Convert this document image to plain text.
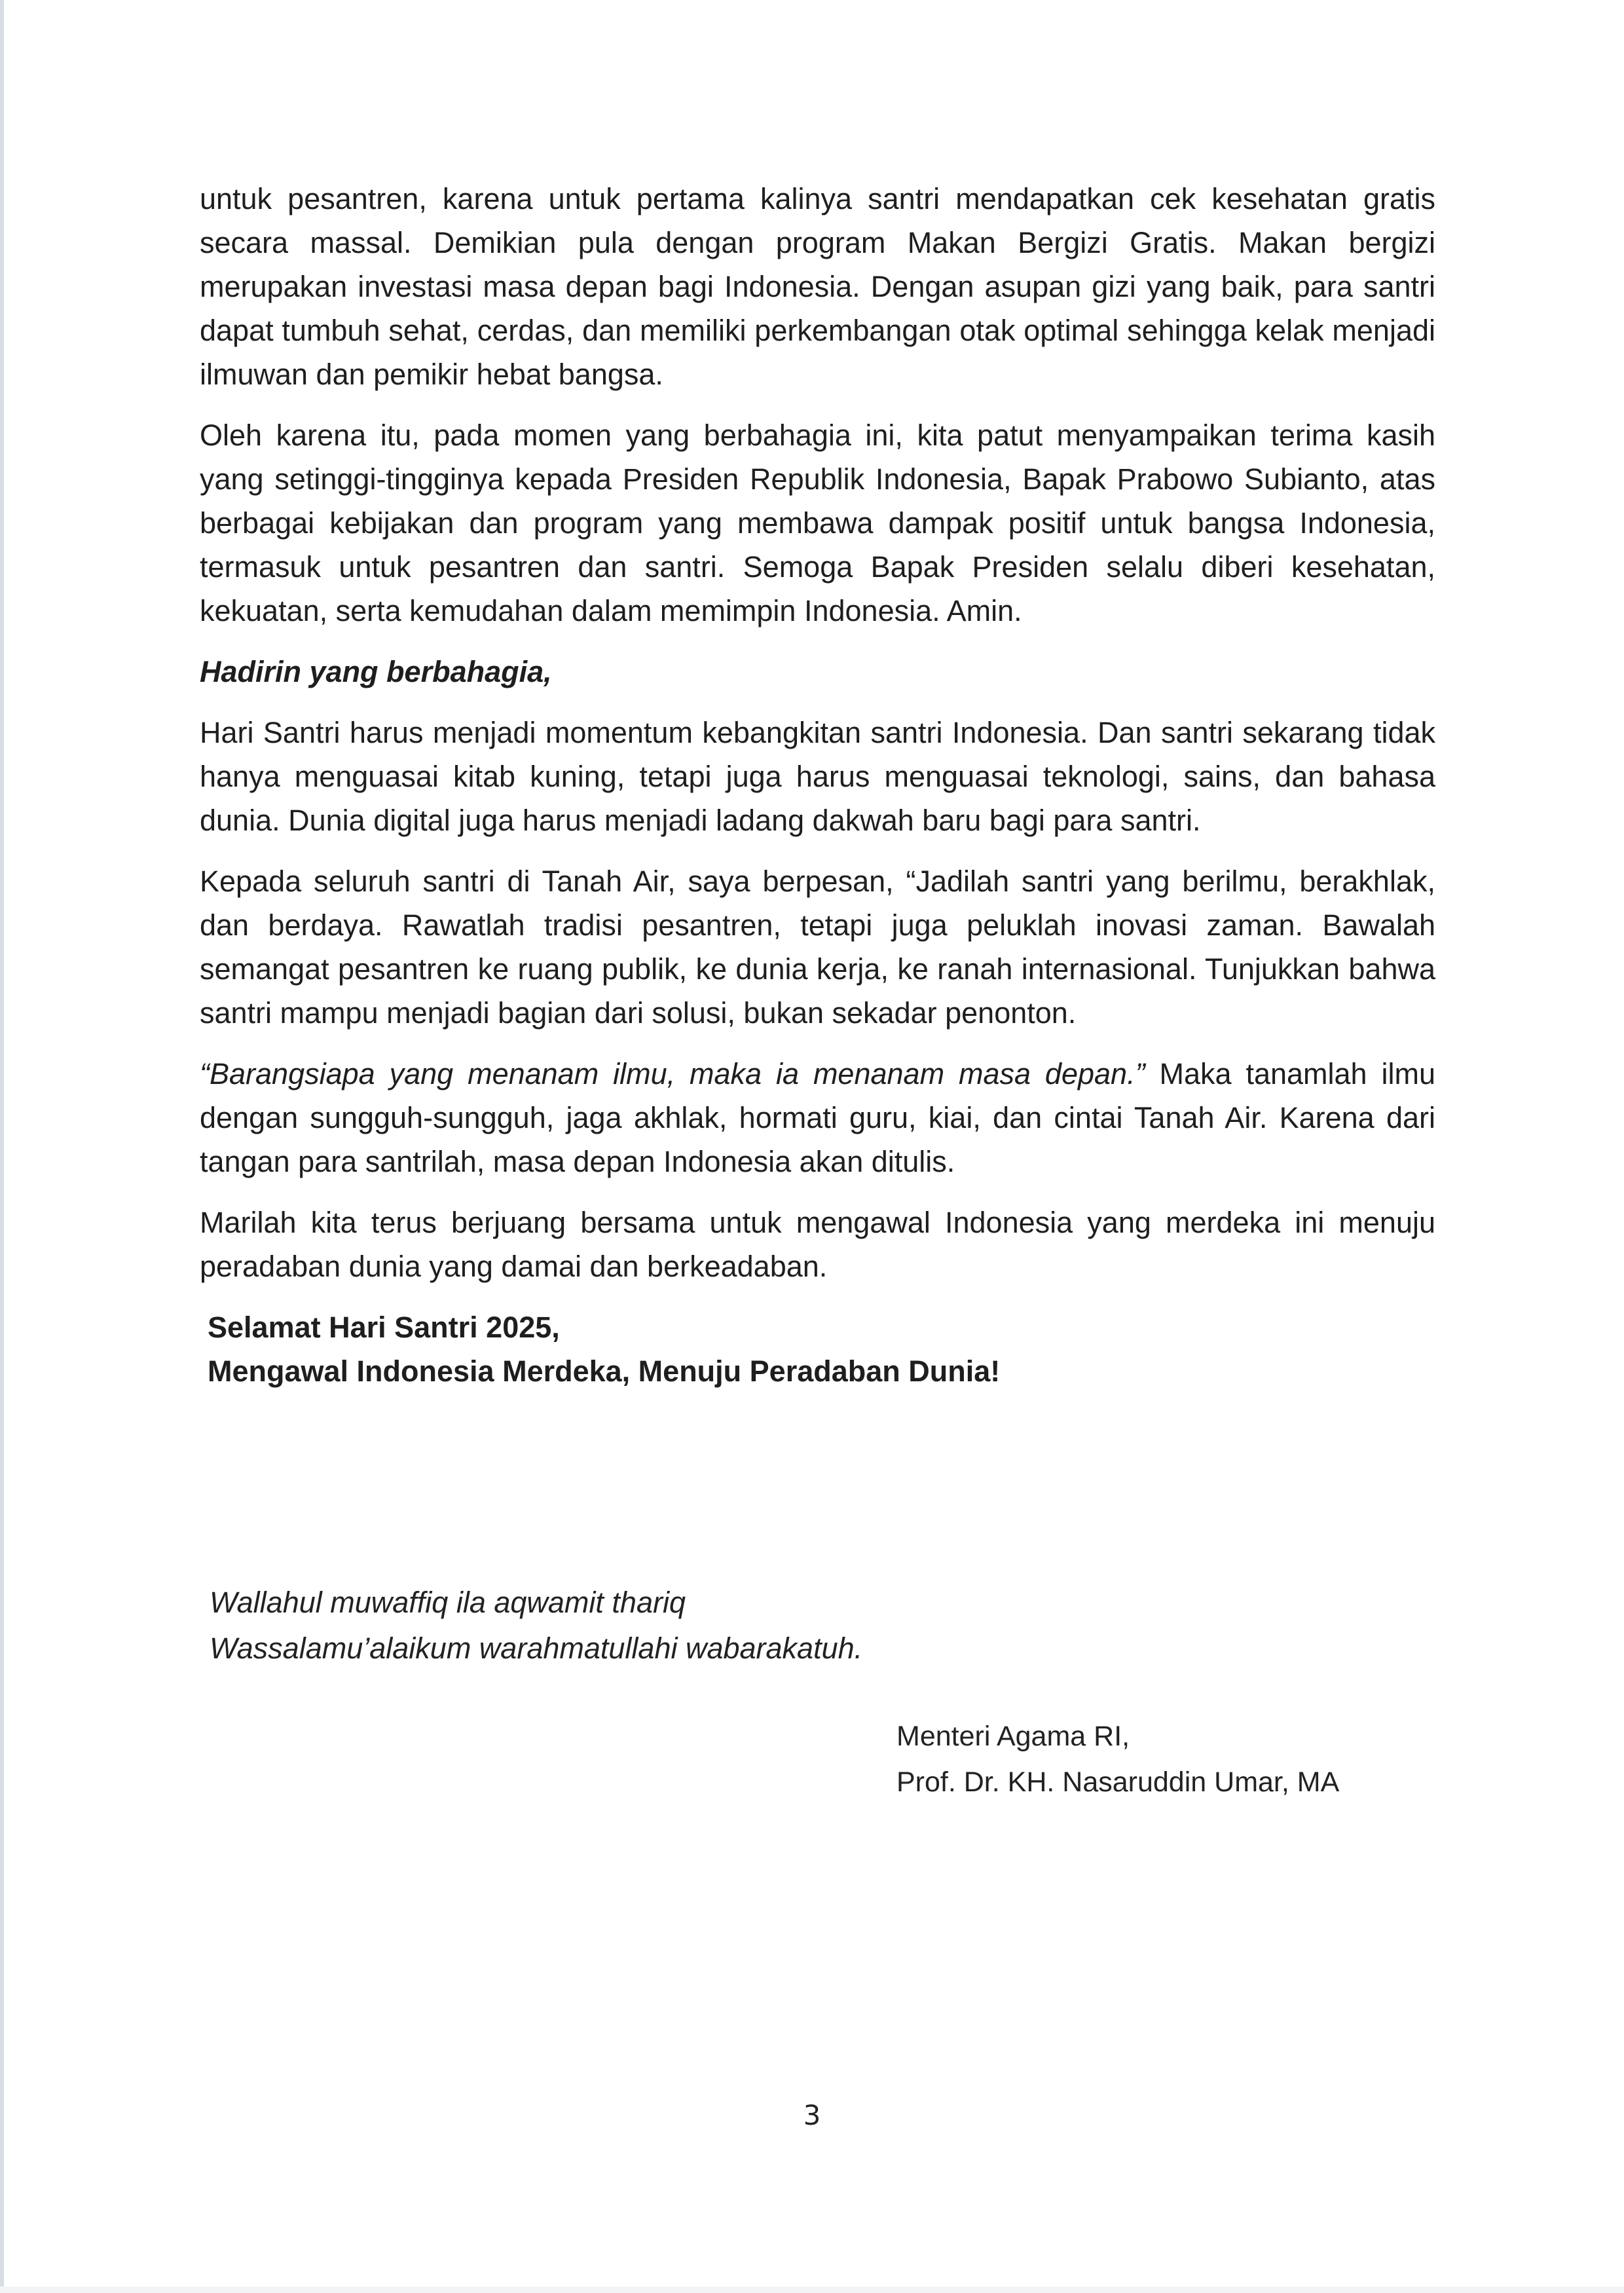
untuk pesantren, karena untuk pertama kalinya santri mendapatkan cek kesehatan gratis secara massal. Demikian pula dengan program Makan Bergizi Gratis. Makan bergizi merupakan investasi masa depan bagi Indonesia. Dengan asupan gizi yang baik, para santri dapat tumbuh sehat, cerdas, dan memiliki perkembangan otak optimal sehingga kelak menjadi ilmuwan dan pemikir hebat bangsa.

Oleh karena itu, pada momen yang berbahagia ini, kita patut menyampaikan terima kasih yang setinggi-tingginya kepada Presiden Republik Indonesia, Bapak Prabowo Subianto, atas berbagai kebijakan dan program yang membawa dampak positif untuk bangsa Indonesia, termasuk untuk pesantren dan santri. Semoga Bapak Presiden selalu diberi kesehatan, kekuatan, serta kemudahan dalam memimpin Indonesia. Amin.

Hadirin yang berbahagia,

Hari Santri harus menjadi momentum kebangkitan santri Indonesia. Dan santri sekarang tidak hanya menguasai kitab kuning, tetapi juga harus menguasai teknologi, sains, dan bahasa dunia. Dunia digital juga harus menjadi ladang dakwah baru bagi para santri.

Kepada seluruh santri di Tanah Air, saya berpesan, “Jadilah santri yang berilmu, berakhlak, dan berdaya. Rawatlah tradisi pesantren, tetapi juga peluklah inovasi zaman. Bawalah semangat pesantren ke ruang publik, ke dunia kerja, ke ranah internasional. Tunjukkan bahwa santri mampu menjadi bagian dari solusi, bukan sekadar penonton.

“Barangsiapa yang menanam ilmu, maka ia menanam masa depan.” Maka tanamlah ilmu dengan sungguh-sungguh, jaga akhlak, hormati guru, kiai, dan cintai Tanah Air. Karena dari tangan para santrilah, masa depan Indonesia akan ditulis.

Marilah kita terus berjuang bersama untuk mengawal Indonesia yang merdeka ini menuju peradaban dunia yang damai dan berkeadaban.

Selamat Hari Santri 2025,
Mengawal Indonesia Merdeka, Menuju Peradaban Dunia!
Wallahul muwaffiq ila aqwamit thariq
Wassalamu’alaikum warahmatullahi wabarakatuh.
Menteri Agama RI,
Prof. Dr. KH. Nasaruddin Umar, MA
3
